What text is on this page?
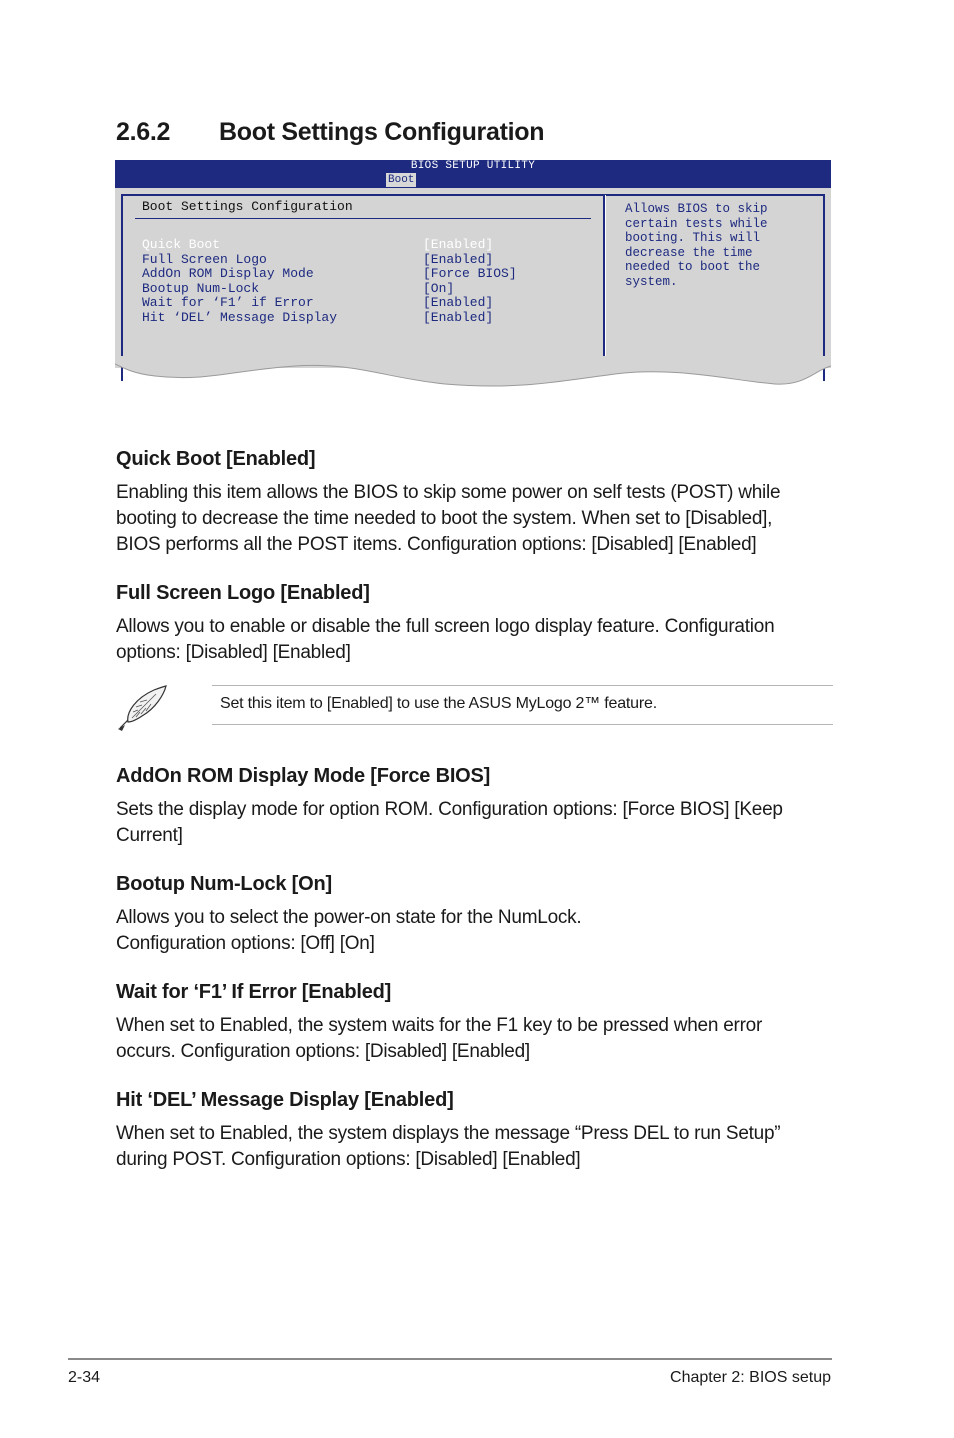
2.6.2 Boot Settings Configuration
BIOS SETUP UTILITY
Boot
Boot Settings Configuration
Quick Boot	[Enabled]
Full Screen Logo	[Enabled]
AddOn ROM Display Mode	[Force BIOS]
Bootup Num-Lock	[On]
Wait for ‘F1’ if Error	[Enabled]
Hit ‘DEL’ Message Display	[Enabled]
Allows BIOS to skip
certain tests while
booting. This will
decrease the time
needed to boot the
system.
Quick Boot [Enabled]

Enabling this item allows the BIOS to skip some power on self tests (POST) while
booting to decrease the time needed to boot the system. When set to [Disabled],
BIOS performs all the POST items. Configuration options: [Disabled] [Enabled]

Full Screen Logo [Enabled]

Allows you to enable or disable the full screen logo display feature. Configuration
options: [Disabled] [Enabled]

AddOn ROM Display Mode [Force BIOS]

Sets the display mode for option ROM. Configuration options: [Force BIOS] [Keep
Current]

Bootup Num-Lock [On]

Allows you to select the power-on state for the NumLock.
Configuration options: [Off] [On]

Wait for ‘F1’ If Error [Enabled]

When set to Enabled, the system waits for the F1 key to be pressed when error
occurs. Configuration options: [Disabled] [Enabled]

Hit ‘DEL’ Message Display [Enabled]

When set to Enabled, the system displays the message “Press DEL to run Setup”
during POST. Configuration options: [Disabled] [Enabled]

Set this item to [Enabled] to use the ASUS MyLogo 2™ feature.
2-34	Chapter 2: BIOS setup
